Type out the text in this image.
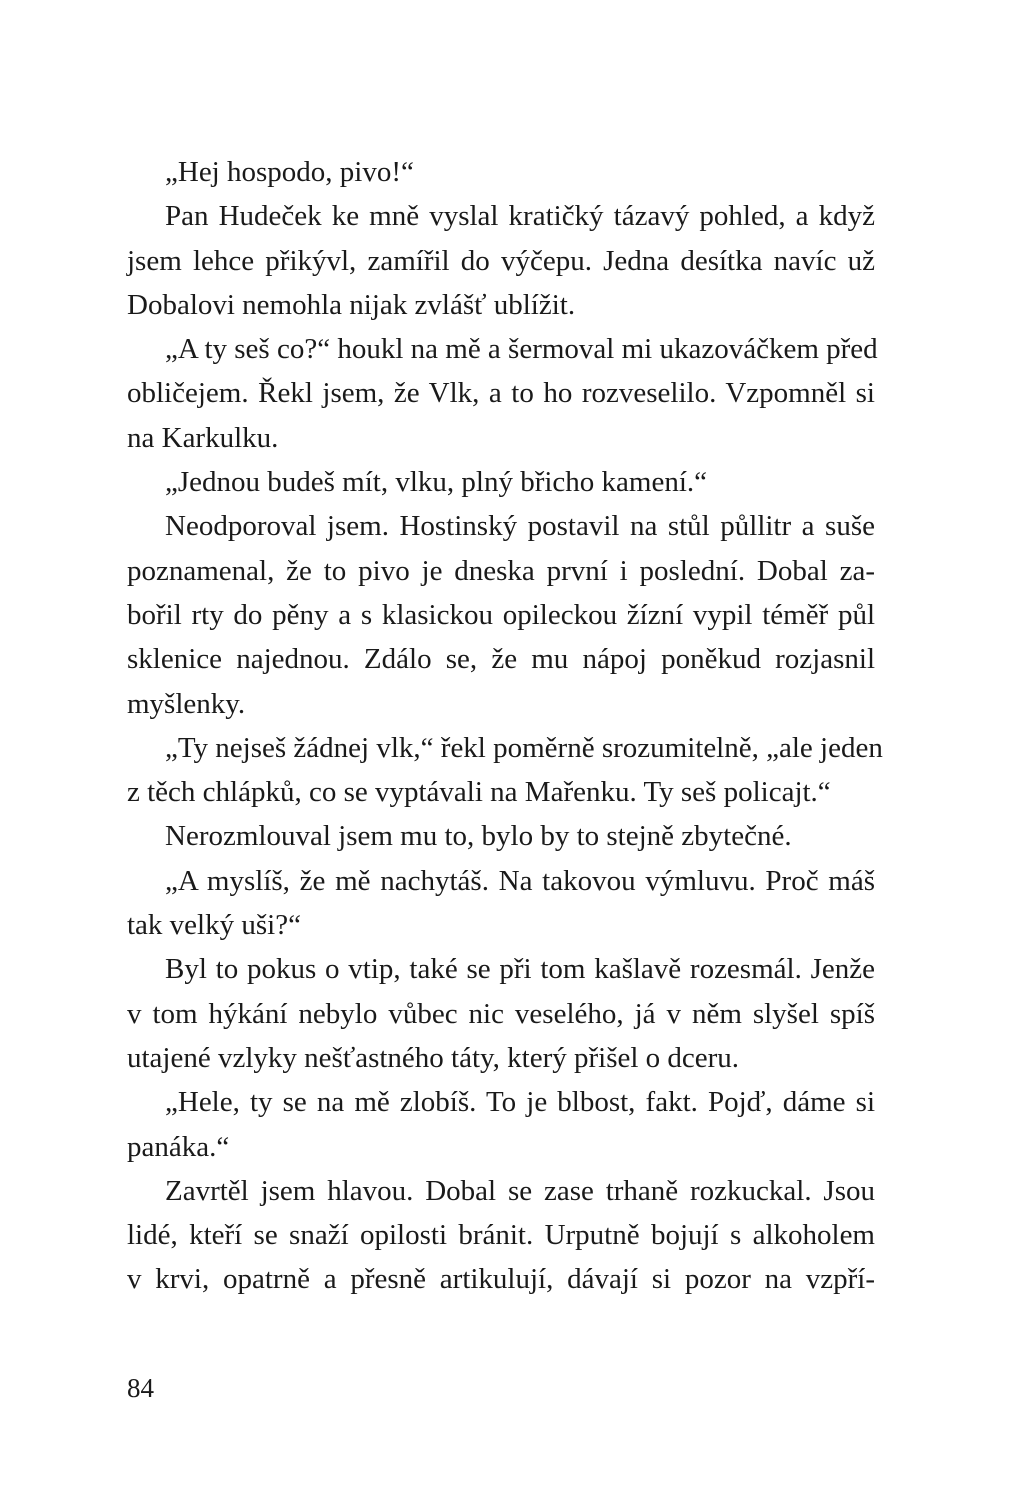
„Hej hospodo, pivo!“
Pan Hudeček ke mně vyslal kratičký tázavý pohled, a když
jsem lehce přikývl, zamířil do výčepu. Jedna desítka navíc už
Dobalovi nemohla nijak zvlášť ublížit.
„A ty seš co?“ houkl na mě a šermoval mi ukazováčkem před
obličejem. Řekl jsem, že Vlk, a to ho rozveselilo. Vzpomněl si
na Karkulku.
„Jednou budeš mít, vlku, plný břicho kamení.“
Neodporoval jsem. Hostinský postavil na stůl půllitr a suše
poznamenal, že to pivo je dneska první i poslední. Dobal za-
bořil rty do pěny a s klasickou opileckou žízní vypil téměř půl
sklenice najednou. Zdálo se, že mu nápoj poněkud rozjasnil
myšlenky.
„Ty nejseš žádnej vlk,“ řekl poměrně srozumitelně, „ale jeden
z těch chlápků, co se vyptávali na Mařenku. Ty seš policajt.“
Nerozmlouval jsem mu to, bylo by to stejně zbytečné.
„A myslíš, že mě nachytáš. Na takovou výmluvu. Proč máš
tak velký uši?“
Byl to pokus o vtip, také se při tom kašlavě rozesmál. Jenže
v tom hýkání nebylo vůbec nic veselého, já v něm slyšel spíš
utajené vzlyky nešťastného táty, který přišel o dceru.
„Hele, ty se na mě zlobíš. To je blbost, fakt. Pojď, dáme si
panáka.“
Zavrtěl jsem hlavou. Dobal se zase trhaně rozkuckal. Jsou
lidé, kteří se snaží opilosti bránit. Urputně bojují s alkoholem
v krvi, opatrně a přesně artikulují, dávají si pozor na vzpří-
84
